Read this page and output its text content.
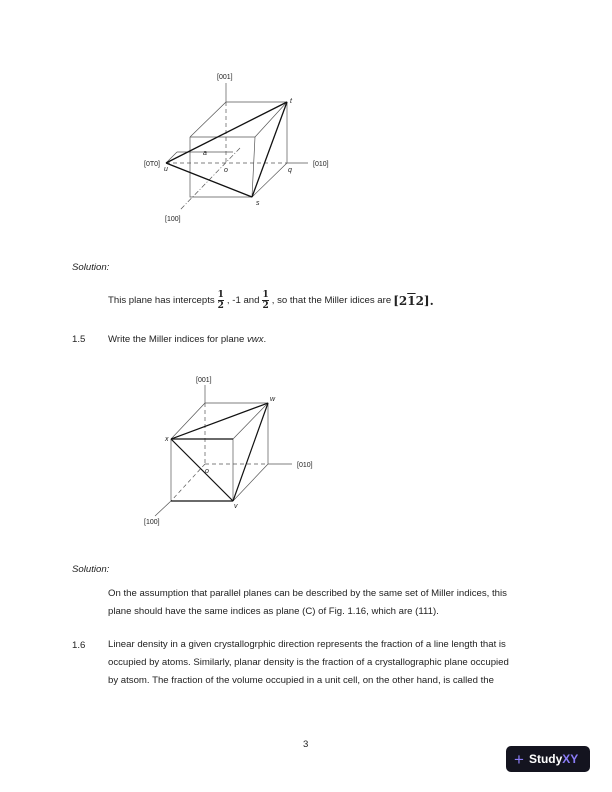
[001]
[010]
[0T0]
[100]
t
u	o	q
s
a
Solution:
This plane has intercepts $\frac{1}{2}$ , -1 and $\frac{1}{2}$ , so that the Miller idices are [212].
1.5 Write the Miller indices for plane vwx.
[001]
[010]
[100]
w
x
o
v
Solution:
On the assumption that parallel planes can be described by the same set of Miller indices, this
plane should have the same indices as plane (C) of Fig. 1.16, which are (111).
1.6 Linear density in a given crystallogrphic direction represents the fraction of a line length that is
occupied by atoms. Similarly, planar density is the fraction of a crystallographic plane occupied
by atsom. The fraction of the volume occupied in a unit cell, on the other hand, is called the
3
+ StudyXY
